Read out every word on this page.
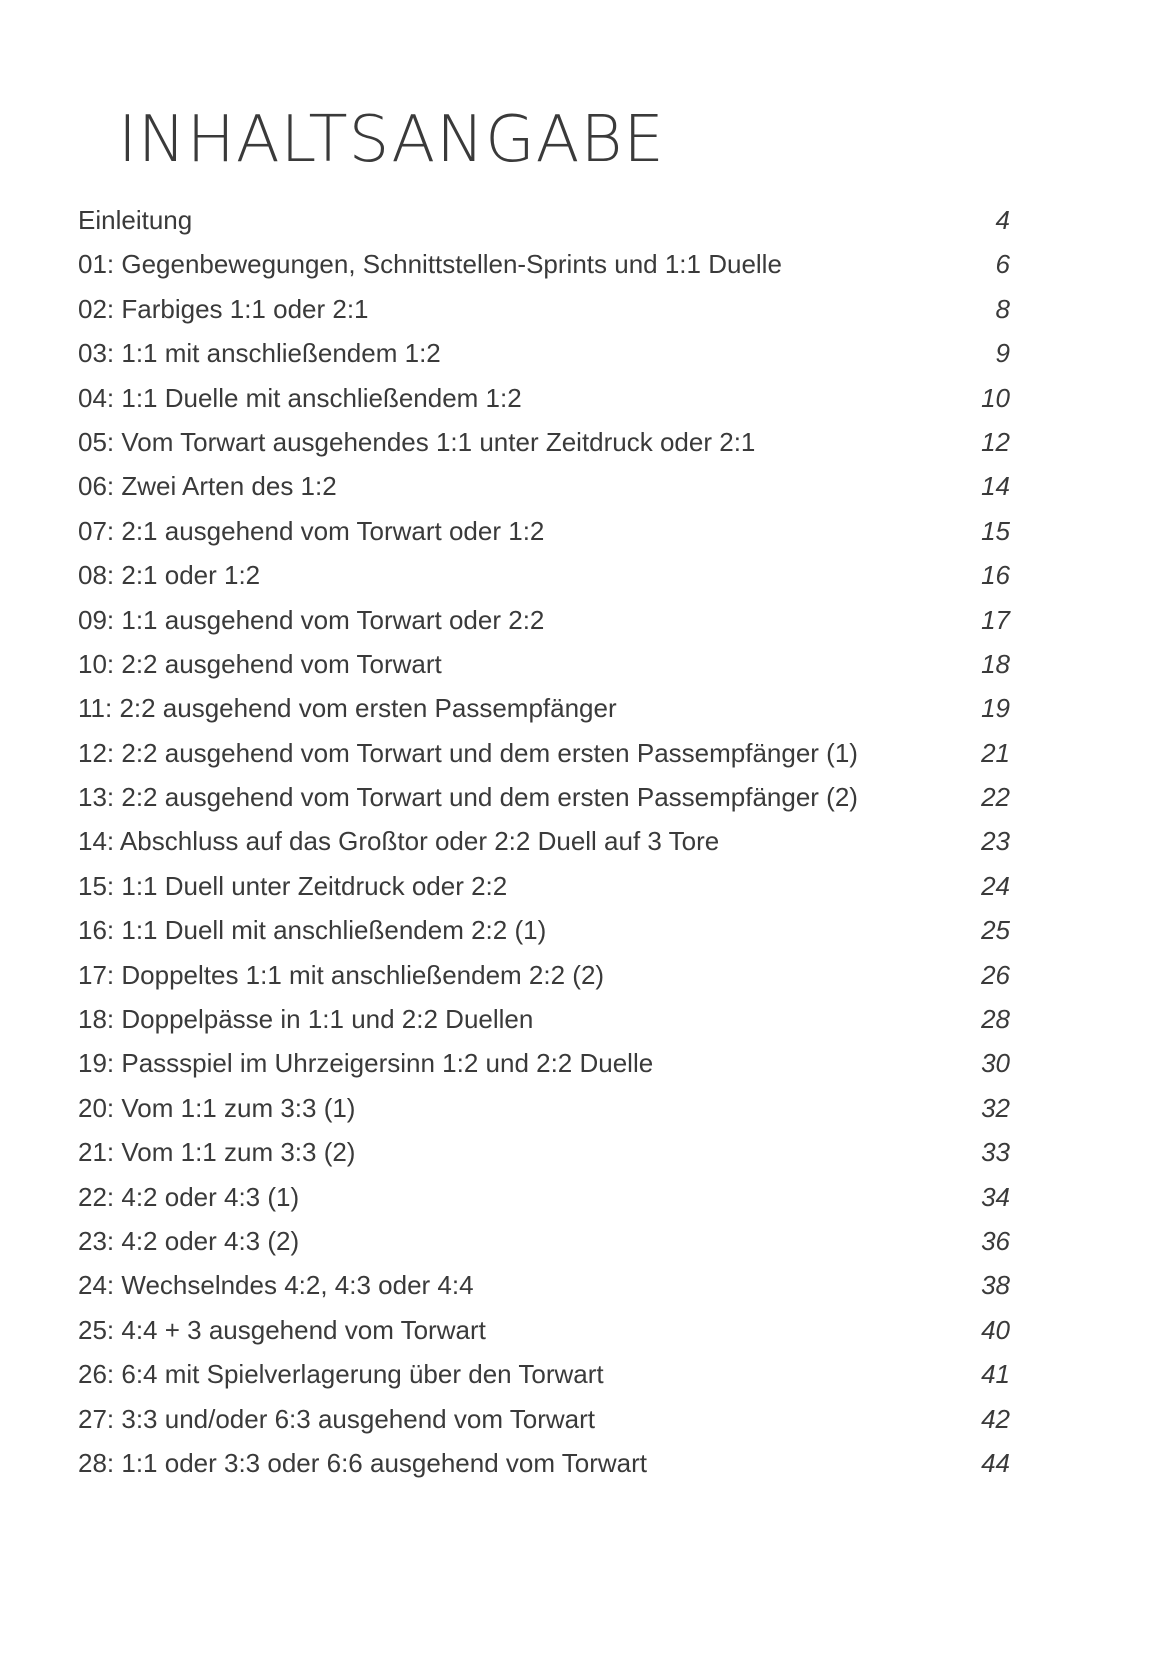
INHALTSANGABE
Einleitung	4
01: Gegenbewegungen, Schnittstellen-Sprints und 1:1 Duelle	6
02: Farbiges 1:1 oder 2:1	8
03: 1:1 mit anschließendem 1:2	9
04: 1:1 Duelle mit anschließendem 1:2	10
05: Vom Torwart ausgehendes 1:1 unter Zeitdruck oder 2:1	12
06: Zwei Arten des 1:2	14
07: 2:1 ausgehend vom Torwart oder 1:2	15
08: 2:1 oder 1:2	16
09: 1:1 ausgehend vom Torwart oder 2:2	17
10: 2:2 ausgehend vom Torwart	18
11: 2:2 ausgehend vom ersten Passempfänger	19
12: 2:2 ausgehend vom Torwart und dem ersten Passempfänger (1)	21
13: 2:2 ausgehend vom Torwart und dem ersten Passempfänger (2)	22
14: Abschluss auf das Großtor oder 2:2 Duell auf 3 Tore	23
15: 1:1 Duell unter Zeitdruck oder 2:2	24
16: 1:1 Duell mit anschließendem 2:2 (1)	25
17: Doppeltes 1:1 mit anschließendem 2:2 (2)	26
18: Doppelpässe in 1:1 und 2:2 Duellen	28
19: Passspiel im Uhrzeigersinn 1:2 und 2:2 Duelle	30
20: Vom 1:1 zum 3:3 (1)	32
21: Vom 1:1 zum 3:3 (2)	33
22: 4:2 oder 4:3 (1)	34
23: 4:2 oder 4:3 (2)	36
24: Wechselndes 4:2, 4:3 oder 4:4	38
25: 4:4 + 3 ausgehend vom Torwart	40
26: 6:4 mit Spielverlagerung über den Torwart	41
27: 3:3 und/oder 6:3 ausgehend vom Torwart	42
28: 1:1 oder 3:3 oder 6:6 ausgehend vom Torwart	44
